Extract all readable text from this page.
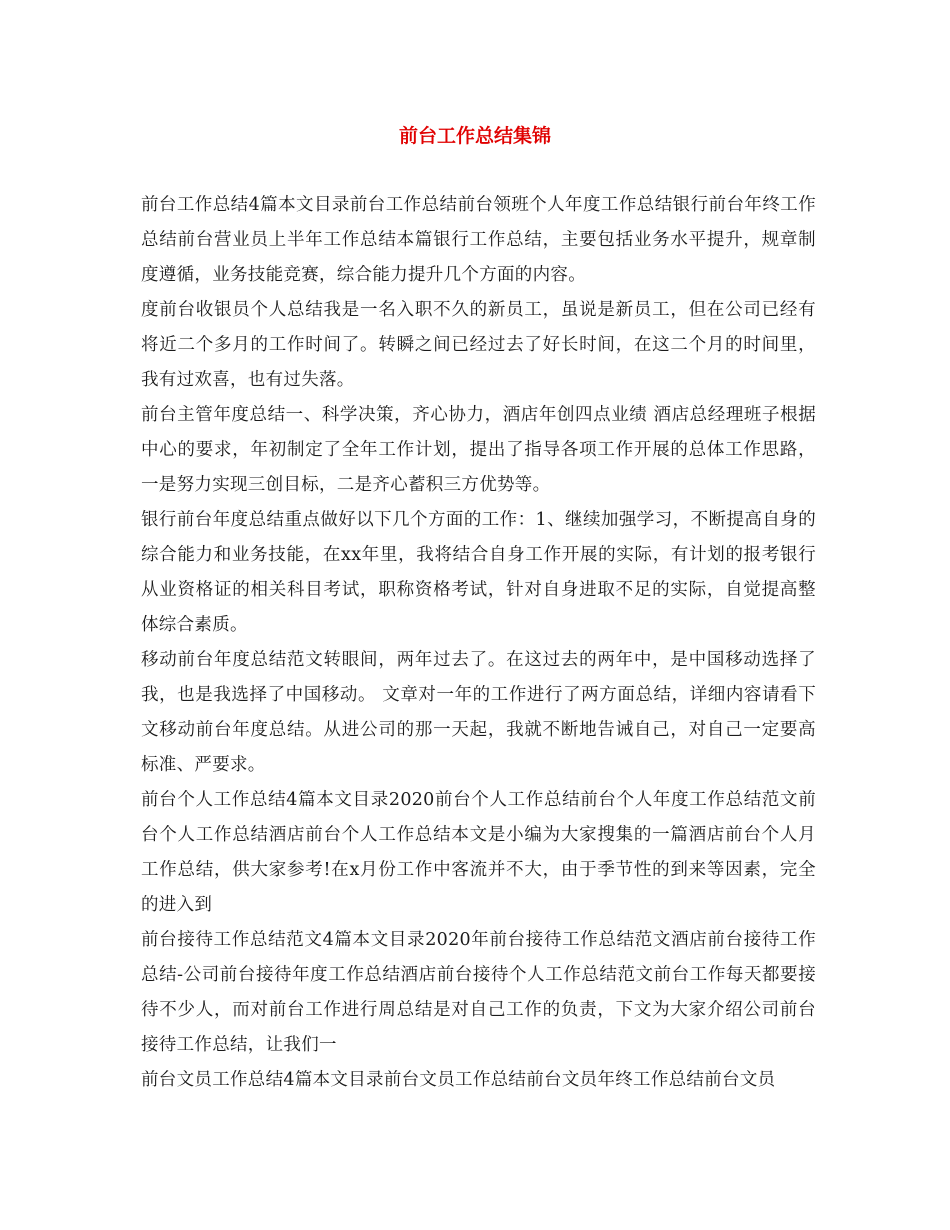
前台工作总结集锦

前台工作总结4篇本文目录前台工作总结前台领班个人年度工作总结银行前台年终工作总结前台营业员上半年工作总结本篇银行工作总结，主要包括业务水平提升，规章制度遵循，业务技能竞赛，综合能力提升几个方面的内容。

度前台收银员个人总结我是一名入职不久的新员工，虽说是新员工，但在公司已经有将近二个多月的工作时间了。转瞬之间已经过去了好长时间，在这二个月的时间里，我有过欢喜，也有过失落。

前台主管年度总结一、科学决策，齐心协力，酒店年创四点业绩 酒店总经理班子根据中心的要求，年初制定了全年工作计划，提出了指导各项工作开展的总体工作思路，一是努力实现三创目标，二是齐心蓄积三方优势等。

银行前台年度总结重点做好以下几个方面的工作：1、继续加强学习，不断提高自身的综合能力和业务技能，在xx年里，我将结合自身工作开展的实际，有计划的报考银行从业资格证的相关科目考试，职称资格考试，针对自身进取不足的实际，自觉提高整体综合素质。

移动前台年度总结范文转眼间，两年过去了。在这过去的两年中，是中国移动选择了我，也是我选择了中国移动。 文章对一年的工作进行了两方面总结，详细内容请看下文移动前台年度总结。从进公司的那一天起，我就不断地告诫自己，对自己一定要高标准、严要求。

前台个人工作总结4篇本文目录2020前台个人工作总结前台个人年度工作总结范文前台个人工作总结酒店前台个人工作总结本文是小编为大家搜集的一篇酒店前台个人月工作总结，供大家参考!在x月份工作中客流并不大，由于季节性的到来等因素，完全的进入到

前台接待工作总结范文4篇本文目录2020年前台接待工作总结范文酒店前台接待工作总结-公司前台接待年度工作总结酒店前台接待个人工作总结范文前台工作每天都要接待不少人，而对前台工作进行周总结是对自己工作的负责，下文为大家介绍公司前台接待工作总结，让我们一

前台文员工作总结4篇本文目录前台文员工作总结前台文员年终工作总结前台文员
